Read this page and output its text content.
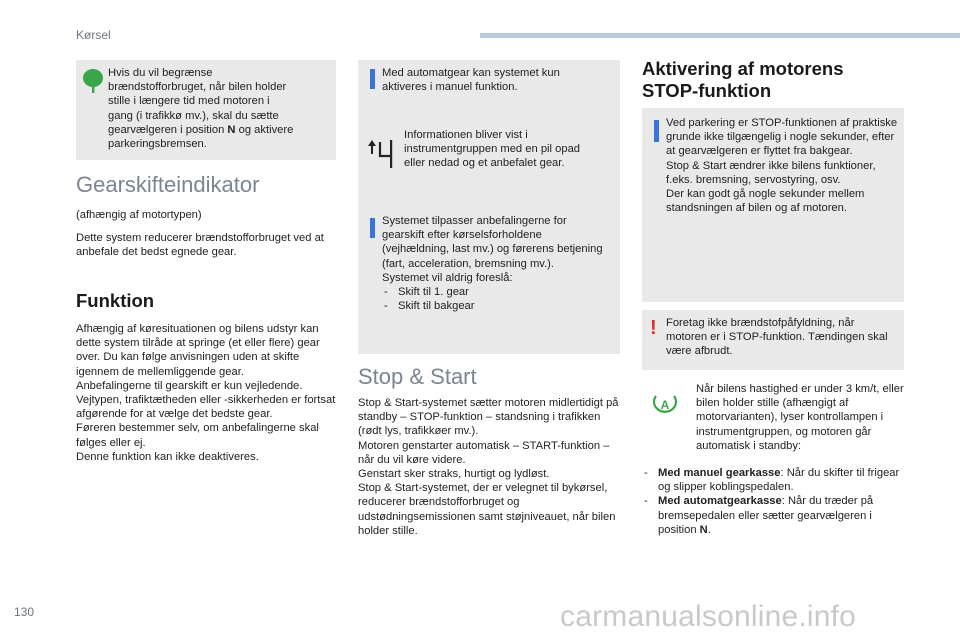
Kørsel
Hvis du vil begrænse
brændstofforbruget, når bilen holder
stille i længere tid med motoren i
gang (i trafikkø mv.), skal du sætte
gearvælgeren i position N og aktivere
parkeringsbremsen.
Gearskifteindikator
(afhængig af motortypen)
Dette system reducerer brændstofforbruget ved at anbefale det bedst egnede gear.
Funktion

Afhængig af køresituationen og bilens udstyr kan dette system tilråde at springe (et eller flere) gear over. Du kan følge anvisningen uden at skifte igennem de mellemliggende gear.

Anbefalingerne til gearskift er kun vejledende. Vejtypen, trafiktætheden eller -sikkerheden er fortsat afgørende for at vælge det bedste gear.

Føreren bestemmer selv, om anbefalingerne skal følges eller ej.

Denne funktion kan ikke deaktiveres.

Med automatgear kan systemet kun aktiveres i manuel funktion.
Informationen bliver vist i instrumentgruppen med en pil opad eller nedad og et anbefalet gear.

Systemet tilpasser anbefalingerne for gearskift efter kørselsforholdene (vejhældning, last mv.) og førerens betjening (fart, acceleration, bremsning mv.).

Systemet vil aldrig foreslå:

- Skift til 1. gear
- Skift til bakgear
Stop & Start

Stop & Start-systemet sætter motoren midlertidigt på standby – STOP-funktion – standsning i trafikken (rødt lys, trafikkøer mv.).

Motoren genstarter automatisk – START-funktion – når du vil køre videre.

Genstart sker straks, hurtigt og lydløst.

Stop & Start-systemet, der er velegnet til bykørsel, reducerer brændstofforbruget og udstødningsemissionen samt støjniveauet, når bilen holder stille.

Aktivering af motorens
STOP-funktion

Ved parkering er STOP-funktionen af praktiske grunde ikke tilgængelig i nogle sekunder, efter at gearvælgeren er flyttet fra bakgear.

Stop & Start ændrer ikke bilens funktioner, f.eks. bremsning, servostyring, osv.

Der kan godt gå nogle sekunder mellem standsningen af bilen og af motoren.

! Foretag ikke brændstofpåfyldning, når motoren er i STOP-funktion. Tændingen skal være afbrudt.
A
Når bilens hastighed er under 3 km/t, eller bilen holder stille (afhængigt af motorvarianten), lyser kontrollampen i instrumentgruppen, og motoren går automatisk i standby:
- Med manuel gearkasse: Når du skifter til frigear og slipper koblingspedalen.
- Med automatgearkasse: Når du træder på bremsepedalen eller sætter gearvælgeren i position N.
130	carmanualsonline.info
